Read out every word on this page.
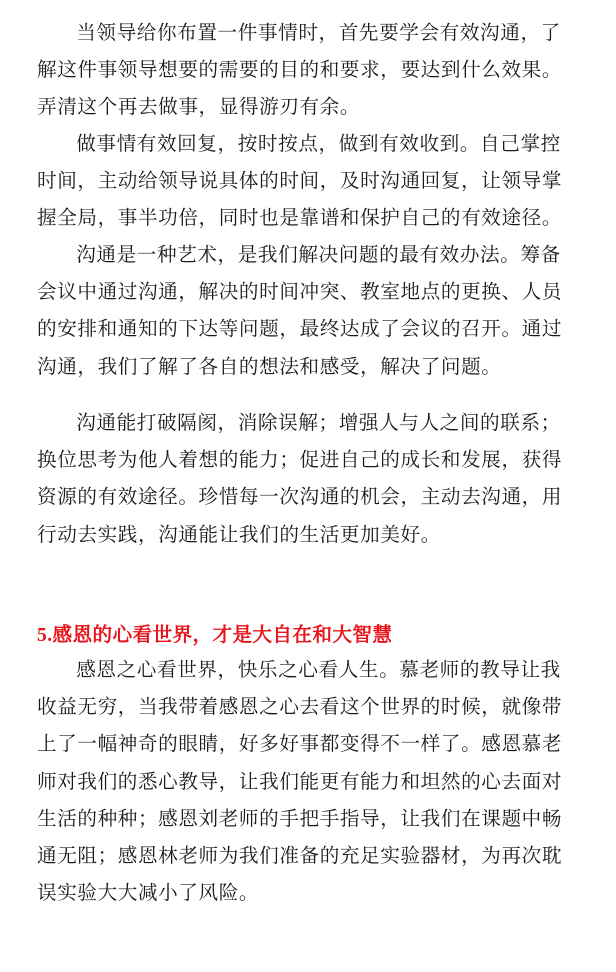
当领导给你布置一件事情时，首先要学会有效沟通，了
解这件事领导想要的需要的目的和要求，要达到什么效果。
弄清这个再去做事，显得游刃有余。

做事情有效回复，按时按点，做到有效收到。自己掌控
时间，主动给领导说具体的时间，及时沟通回复，让领导掌
握全局，事半功倍，同时也是靠谱和保护自己的有效途径。

沟通是一种艺术，是我们解决问题的最有效办法。筹备
会议中通过沟通，解决的时间冲突、教室地点的更换、人员
的安排和通知的下达等问题，最终达成了会议的召开。通过
沟通，我们了解了各自的想法和感受，解决了问题。

沟通能打破隔阂，消除误解；增强人与人之间的联系；
换位思考为他人着想的能力；促进自己的成长和发展，获得
资源的有效途径。珍惜每一次沟通的机会，主动去沟通，用
行动去实践，沟通能让我们的生活更加美好。

5.感恩的心看世界，才是大自在和大智慧

感恩之心看世界，快乐之心看人生。慕老师的教导让我
收益无穷，当我带着感恩之心去看这个世界的时候，就像带
上了一幅神奇的眼睛，好多好事都变得不一样了。感恩慕老
师对我们的悉心教导，让我们能更有能力和坦然的心去面对
生活的种种；感恩刘老师的手把手指导，让我们在课题中畅
通无阻；感恩林老师为我们准备的充足实验器材，为再次耽
误实验大大减小了风险。
